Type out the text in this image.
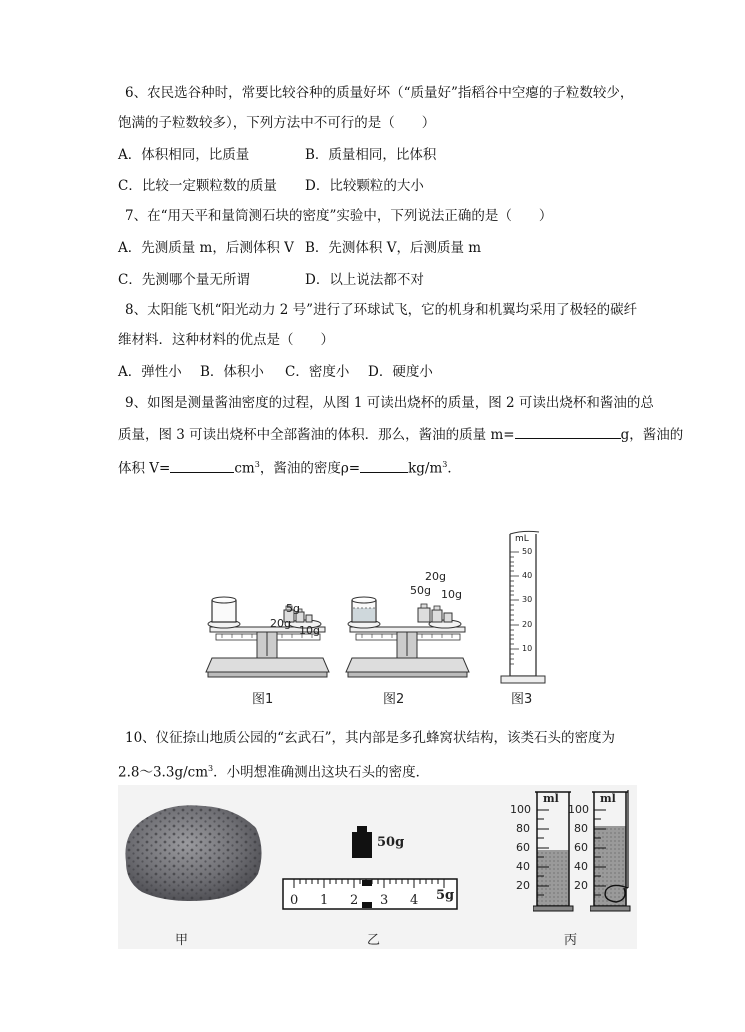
6、农民选谷种时，常要比较谷种的质量好坏（“质量好”指稻谷中空瘪的子粒数较少，
饱满的子粒数较多），下列方法中不可行的是（　　）
A．体积相同，比质量	B．质量相同，比体积
C．比较一定颗粒数的质量 D．比较颗粒的大小
7、在“用天平和量筒测石块的密度”实验中，下列说法正确的是（　　）
A．先测质量 m，后测体积 V B．先测体积 V，后测质量 m
C．先测哪个量无所谓	D．以上说法都不对
8、太阳能飞机“阳光动力 2 号”进行了环球试飞，它的机身和机翼均采用了极轻的碳纤
维材料．这种材料的优点是（　　）
A．弹性小 B．体积小 C．密度小 D．硬度小
9、如图是测量酱油密度的过程，从图 1 可读出烧杯的质量，图 2 可读出烧杯和酱油的总
质量，图 3 可读出烧杯中全部酱油的体积．那么，酱油的质量 m=	g，酱油的
体积 V=	$cm^3$，酱油的密度ρ=	$kg/m^3$．
5g
20g
10g
图1
20g
50g 10g
图2
mL
50
40
30
20
10
图3
10、仪征捺山地质公园的“玄武石”，其内部是多孔蜂窝状结构，该类石头的密度为
$2.8\sim 3.3g/cm^3$．小明想准确测出这块石头的密度．
50g
0 1 2 3 4 5g
ml
100
80
60
40
20
ml
100
80
60
40
20
甲	乙	丙
